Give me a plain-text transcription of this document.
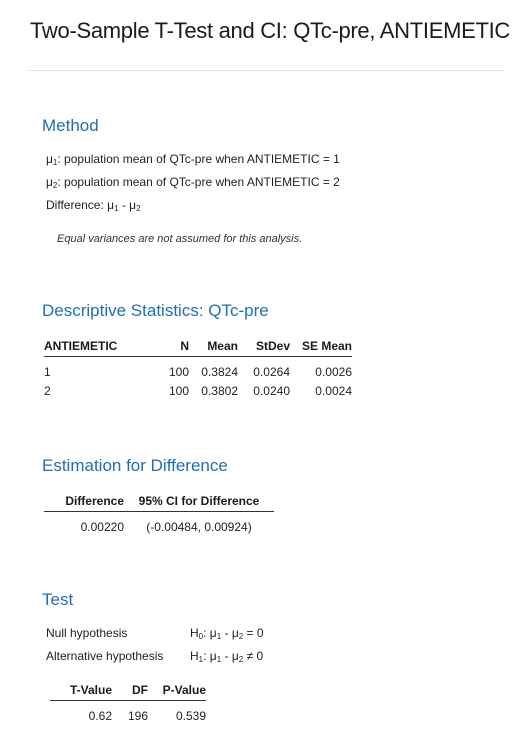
Two-Sample T-Test and CI: QTc-pre, ANTIEMETIC
Method
$\mu_1$: population mean of QTc-pre when ANTIEMETIC = 1
$\mu_2$: population mean of QTc-pre when ANTIEMETIC = 2
Difference: $\mu_1 - \mu_2$
Equal variances are not assumed for this analysis.
Descriptive Statistics: QTc-pre
ANTIEMETIC	N	Mean	StDev	SE Mean
1	100	0.3824	0.0264	0.0026
2	100	0.3802	0.0240	0.0024
Estimation for Difference
Difference	95% CI for Difference
0.00220	(-0.00484, 0.00924)
Test
Null hypothesis	$H_0$: $\mu_1 - \mu_2 = 0$
Alternative hypothesis $H_1$: $\mu_1 - \mu_2 \ne 0$
T-Value	DF	P-Value
0.62	196	0.539
